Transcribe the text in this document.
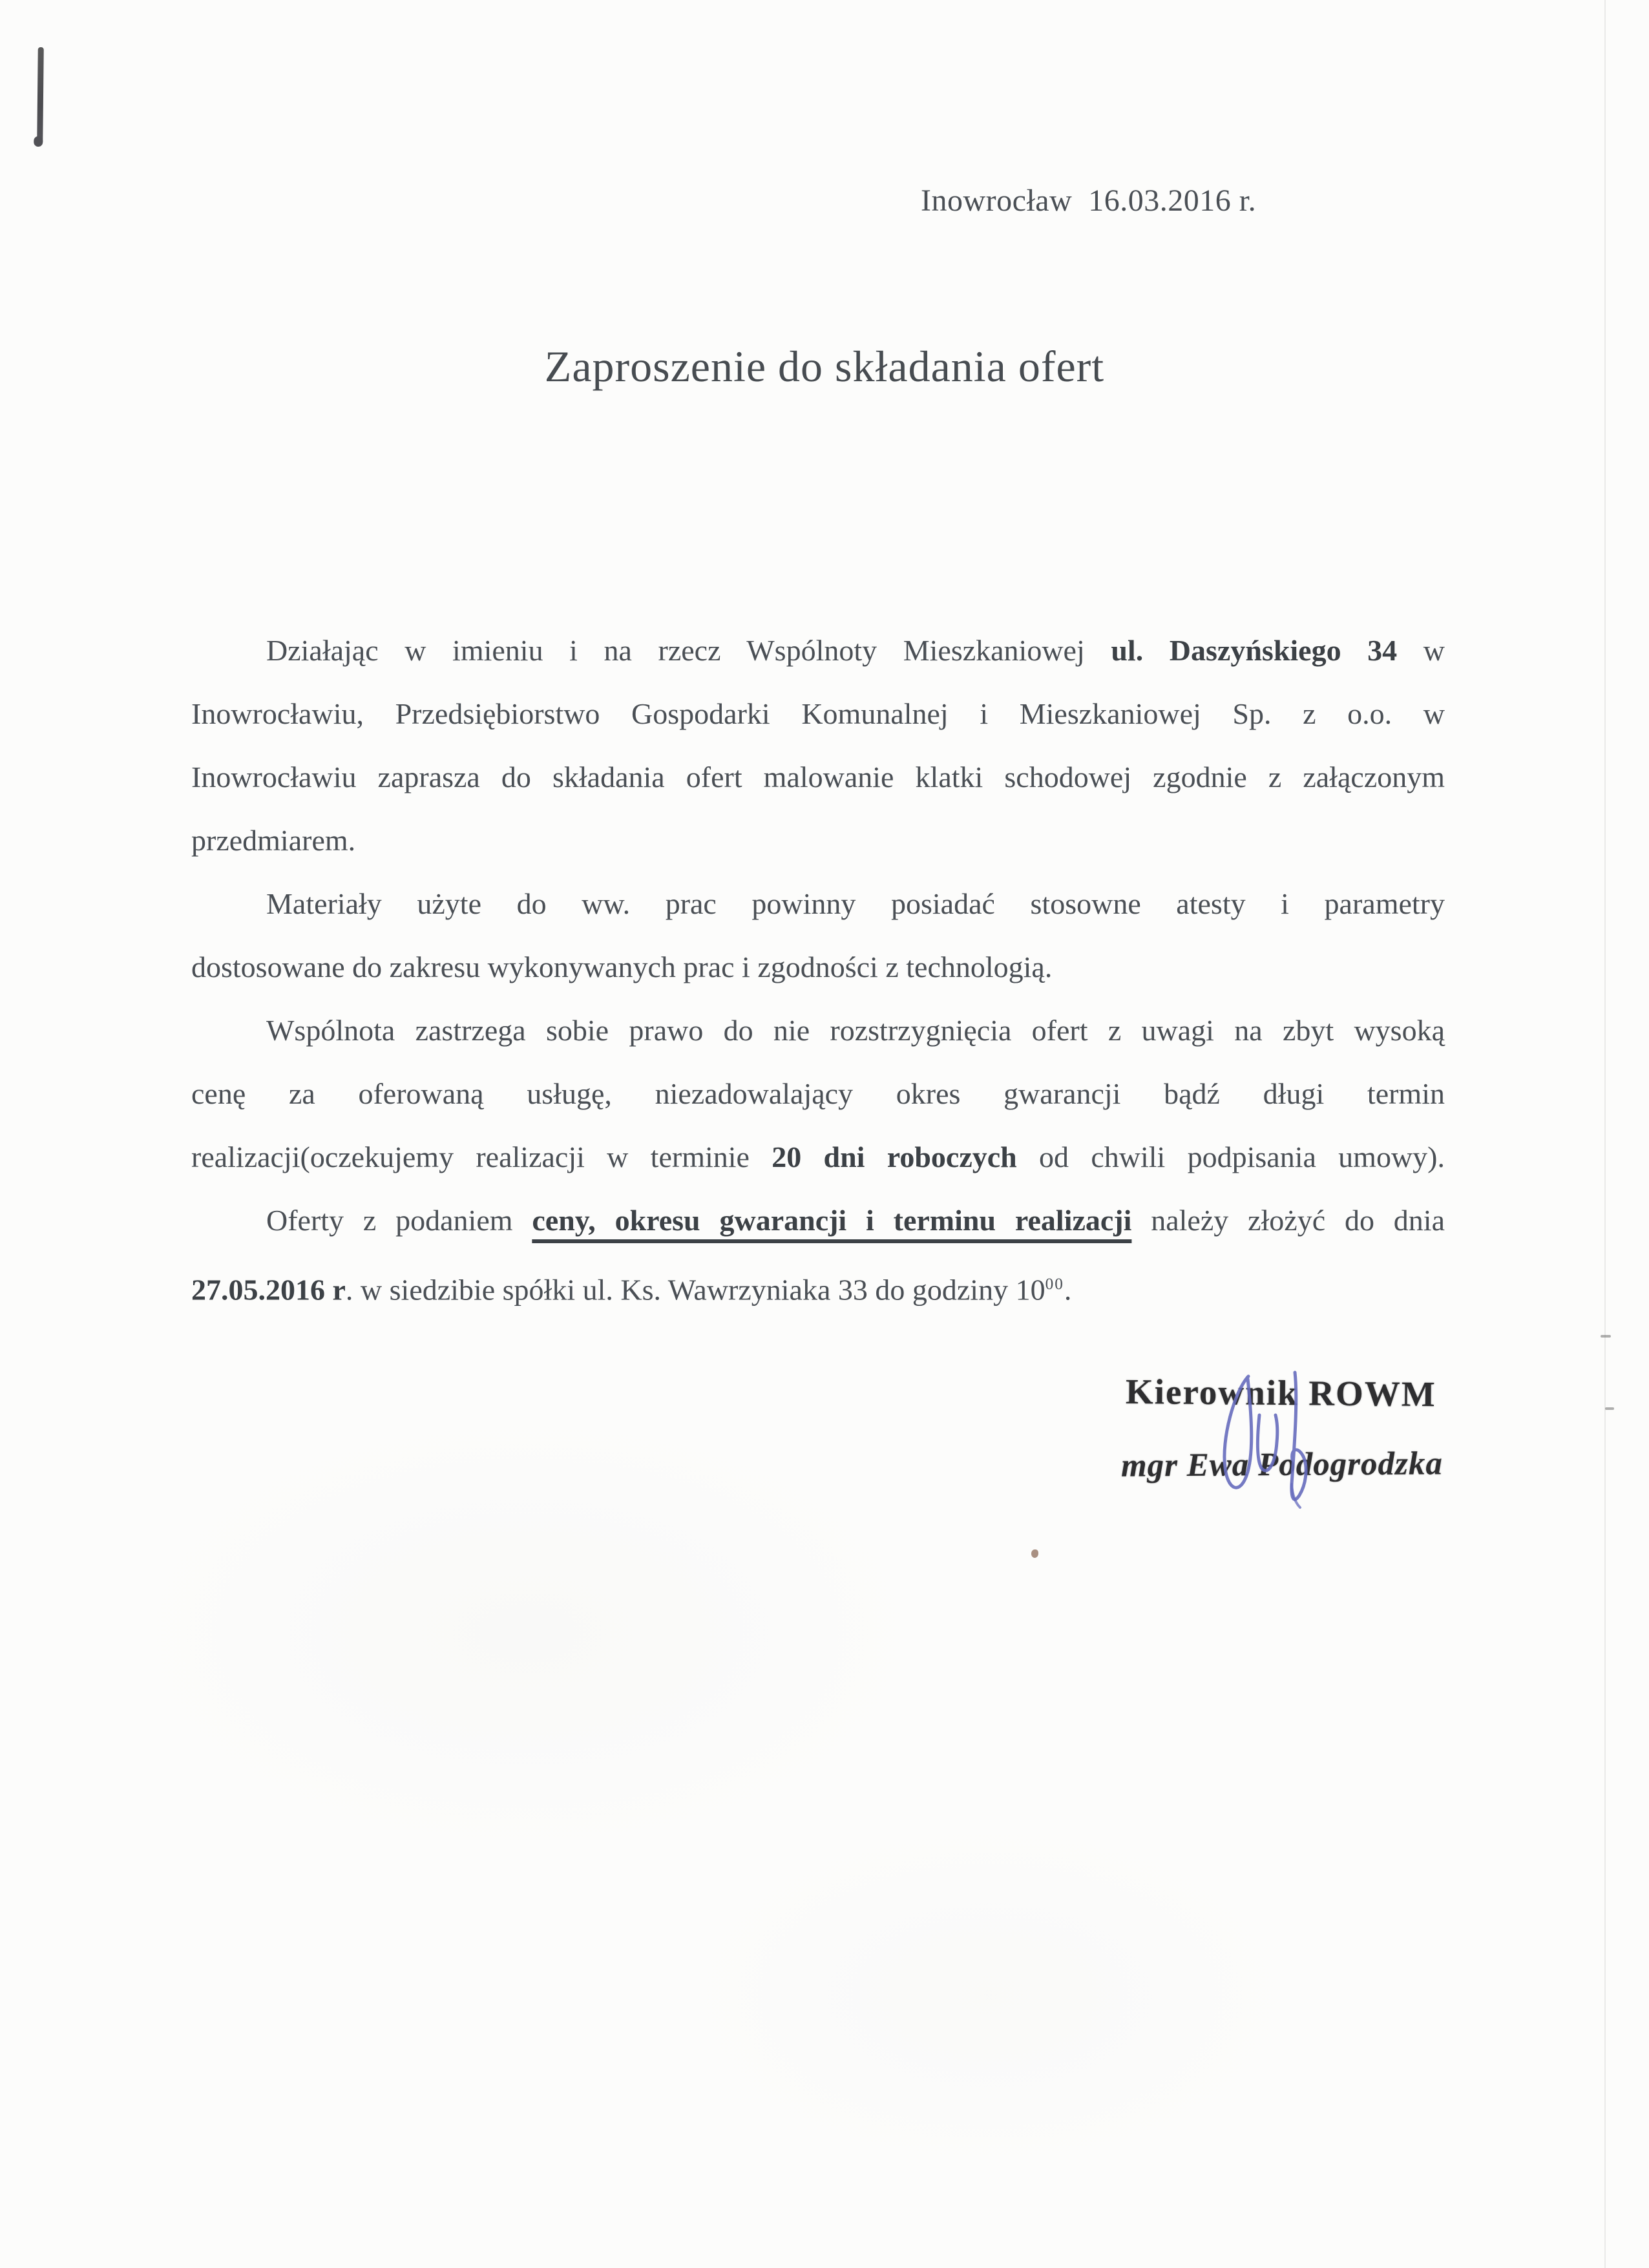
Inowrocław  16.03.2016 r.
Zaproszenie do składania ofert
Działając w imieniu i na rzecz Wspólnoty Mieszkaniowej ul. Daszyńskiego 34 w
Inowrocławiu, Przedsiębiorstwo Gospodarki Komunalnej i Mieszkaniowej Sp. z o.o. w
Inowrocławiu zaprasza do składania ofert malowanie klatki schodowej zgodnie z załączonym
przedmiarem.
Materiały użyte do ww. prac powinny posiadać stosowne atesty i parametry
dostosowane do zakresu wykonywanych prac i zgodności z technologią.
Wspólnota zastrzega sobie prawo do nie rozstrzygnięcia ofert z uwagi na zbyt wysoką
cenę za oferowaną usługę, niezadowalający okres gwarancji bądź długi termin
realizacji(oczekujemy realizacji w terminie 20 dni roboczych od chwili podpisania umowy).
Oferty z podaniem ceny, okresu gwarancji i terminu realizacji należy złożyć do dnia
27.05.2016 r. w siedzibie spółki ul. Ks. Wawrzyniaka 33 do godziny $10^{00}$.
Kierownik ROWM
mgr Ewa Podogrodzka
